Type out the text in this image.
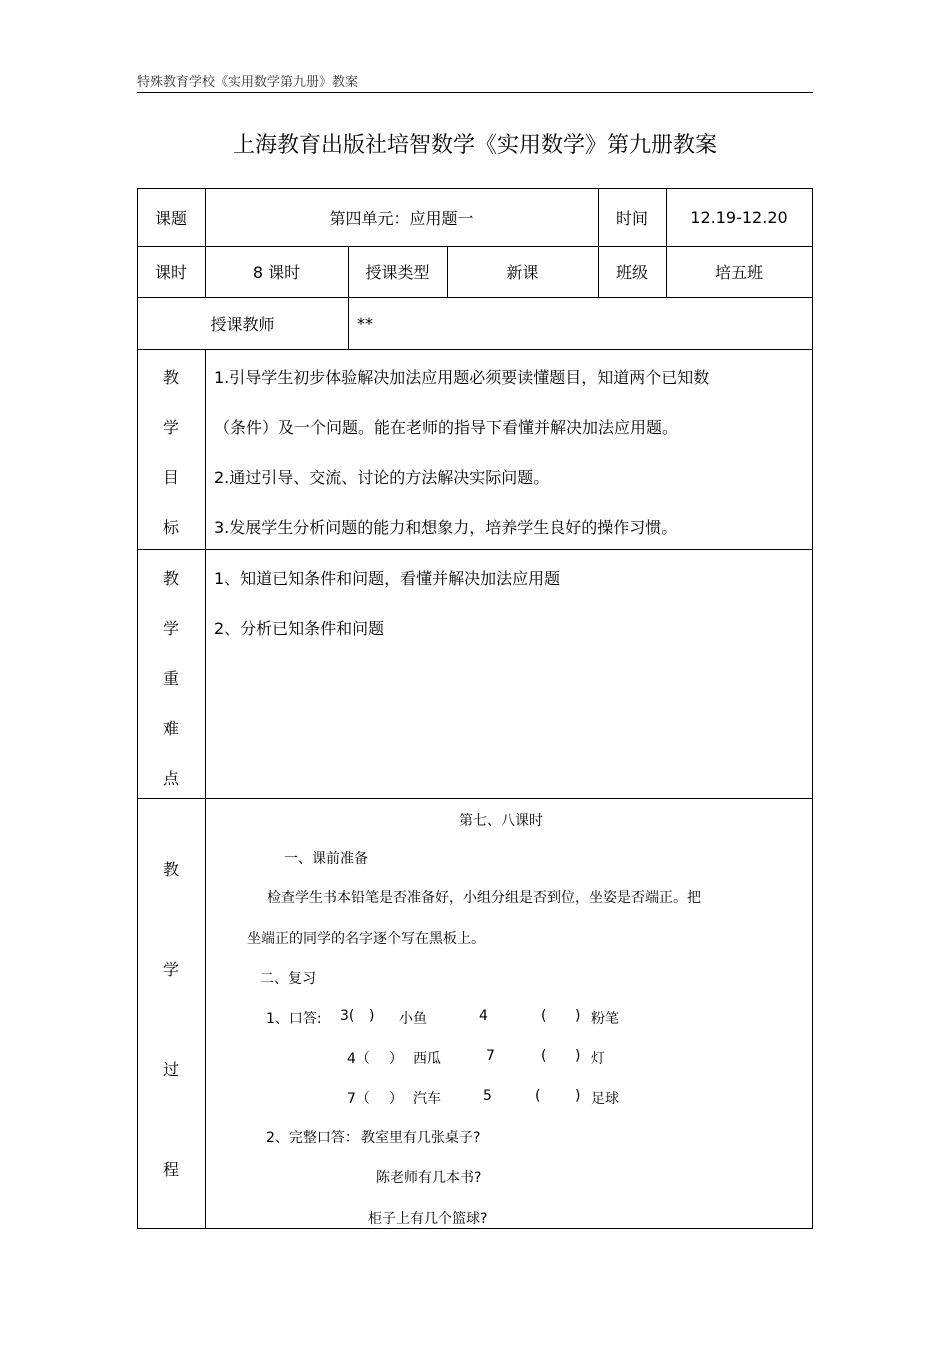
特殊教育学校《实用数学第九册》教案
上海教育出版社培智数学《实用数学》第九册教案
课题	第四单元：应用题一	时间	12.19-12.20
课时	8 课时	授课类型	新课	班级	培五班
授课教师	**
教
学
目
标
1.引导学生初步体验解决加法应用题必须要读懂题目，知道两个已知数
（条件）及一个问题。能在老师的指导下看懂并解决加法应用题。
2.通过引导、交流、讨论的方法解决实际问题。
3.发展学生分析问题的能力和想象力，培养学生良好的操作习惯。
教
学
重
难
点
1、知道已知条件和问题，看懂并解决加法应用题
2、分析已知条件和问题
教
学
过
程
第七、八课时
一、课前准备
检查学生书本铅笔是否准备好，小组分组是否到位，坐姿是否端正。把
坐端正的同学的名字逐个写在黑板上。
二、复习
1、口答: 3( ) 小鱼	4	( ) 粉笔
4（ ） 西瓜	7	( ) 灯
7（ ） 汽车	5	( ) 足球
2、完整口答： 教室里有几张桌子?
陈老师有几本书?
柜子上有几个篮球?
